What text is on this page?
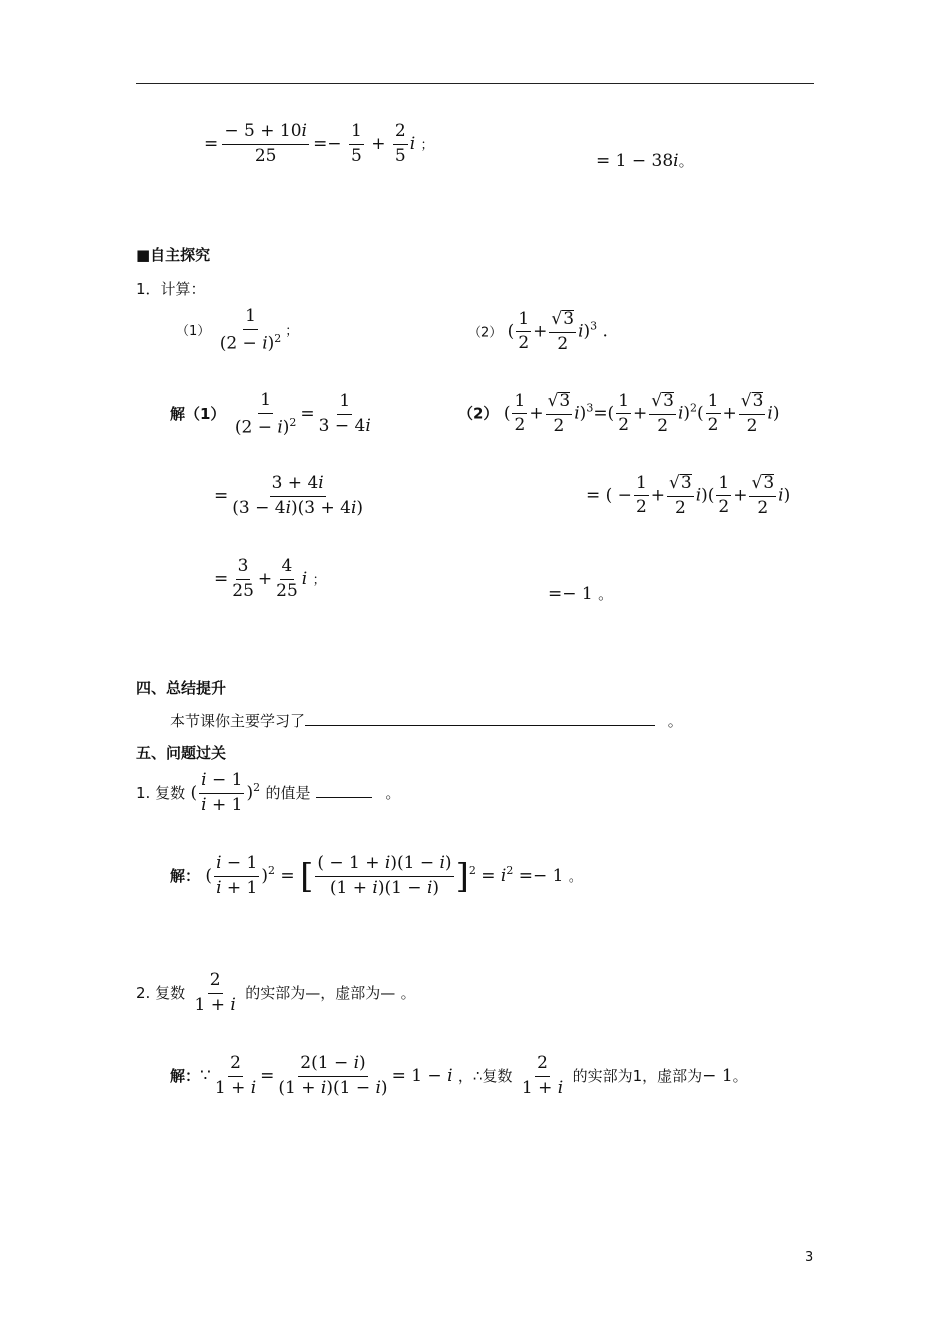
= $\frac{- 5 + 10i}{25} =- \frac{1}{5} + \frac{2}{5}$ i ；
= 1 − 38i。
■自主探究
1．计算：
$(1) \frac{1}{(2 - i)^2}$ ；	（2） ( $\frac{1}{2} + \frac{√3}{2} i)^3$ .
解$(1) \frac{1}{(2 - i)^2} = \frac{1}{3 - 4i}$
= $\frac{3 + 4i}{(3 - 4i)(3 + 4i)}$
= $\frac{3}{25} + \frac{4}{25}$ i ；
（2） ( $\frac{1}{2} + \frac{√3}{2} i)^3=( \frac{1}{2} + \frac{√3}{2} i)^2( \frac{1}{2} + \frac{√3}{2} i)$
= ( − $\frac{1}{2} + \frac{√3}{2} i)( \frac{1}{2} + \frac{√3}{2} i)$
=− 1 。
四、总结提升
本节课你主要学习了	。
五、问题过关
1. 复数 ( $\frac{i - 1}{i + 1} )^2$ 的值是	。
解： ( $\frac{i - 1}{i + 1} )^2$ = [ $\frac{( - 1 + i)(1 - i)}{(1 + i)(1 - i)} ]^2 = i^2 =- 1$ 。
2. 复数 $\frac{2}{1 + i}$ 的实部为—，虚部为— 。
解：∵ $\frac{2}{1 + i} = \frac{2(1 - i)}{(1 + i)(1 - i)} = 1 - i$ ，∴复数 $\frac{2}{1 + i}$ 的实部为1，虚部为− 1。
3
